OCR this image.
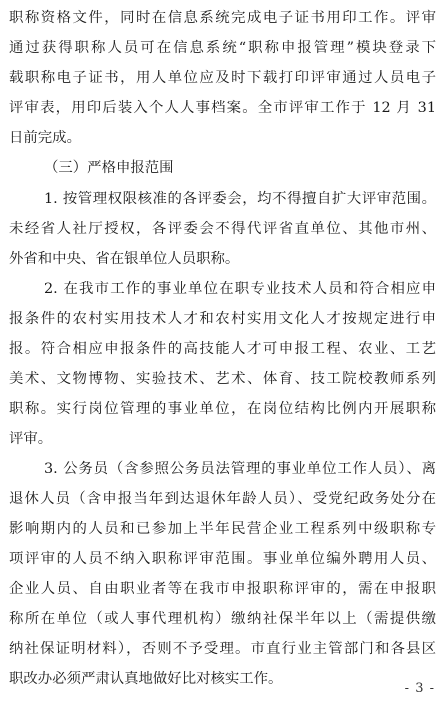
职称资格文件，同时在信息系统完成电子证书用印工作。评审
通过获得职称人员可在信息系统“职称申报管理”模块登录下
载职称电子证书，用人单位应及时下载打印评审通过人员电子
评审表，用印后装入个人人事档案。全市评审工作于 12 月 31
日前完成。
（三）严格申报范围
1. 按管理权限核准的各评委会，均不得擅自扩大评审范围。
未经省人社厅授权，各评委会不得代评省直单位、其他市州、
外省和中央、省在银单位人员职称。
2. 在我市工作的事业单位在职专业技术人员和符合相应申
报条件的农村实用技术人才和农村实用文化人才按规定进行申
报。符合相应申报条件的高技能人才可申报工程、农业、工艺
美术、文物博物、实验技术、艺术、体育、技工院校教师系列
职称。实行岗位管理的事业单位，在岗位结构比例内开展职称
评审。
3. 公务员（含参照公务员法管理的事业单位工作人员）、离
退休人员（含申报当年到达退休年龄人员）、受党纪政务处分在
影响期内的人员和已参加上半年民营企业工程系列中级职称专
项评审的人员不纳入职称评审范围。事业单位编外聘用人员、
企业人员、自由职业者等在我市申报职称评审的，需在申报职
称所在单位（或人事代理机构）缴纳社保半年以上（需提供缴
纳社保证明材料），否则不予受理。市直行业主管部门和各县区
职改办必须严肃认真地做好比对核实工作。
- 3 -
